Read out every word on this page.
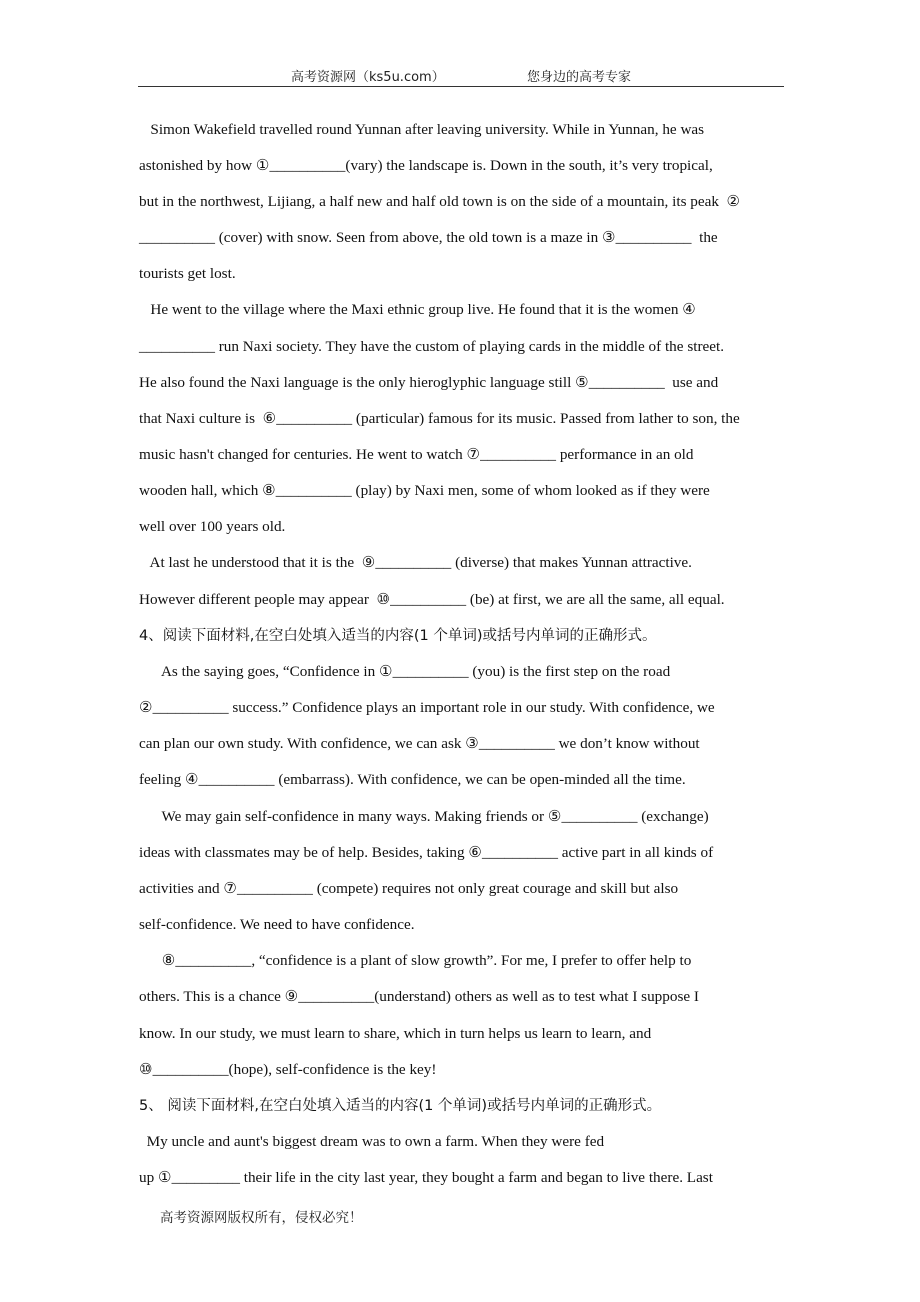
高考资源网（ks5u.com）	您身边的高考专家
Simon Wakefield travelled round Yunnan after leaving university. While in Yunnan, he was
astonished by how ①__________(vary) the landscape is. Down in the south, it’s very tropical,
but in the northwest, Lijiang, a half new and half old town is on the side of a mountain, its peak  ②
__________ (cover) with snow. Seen from above, the old town is a maze in ③__________  the
tourists get lost.
He went to the village where the Maxi ethnic group live. He found that it is the women ④
__________ run Naxi society. They have the custom of playing cards in the middle of the street.
He also found the Naxi language is the only hieroglyphic language still ⑤__________  use and
that Naxi culture is  ⑥__________ (particular) famous for its music. Passed from lather to son, the
music hasn't changed for centuries. He went to watch ⑦__________ performance in an old
wooden hall, which ⑧__________ (play) by Naxi men, some of whom looked as if they were
well over 100 years old.
At last he understood that it is the  ⑨__________ (diverse) that makes Yunnan attractive.
However different people may appear  ⑩__________ (be) at first, we are all the same, all equal.
4、阅读下面材料,在空白处填入适当的内容(1 个单词)或括号内单词的正确形式。
As the saying goes, “Confidence in ①__________ (you) is the first step on the road
②__________ success.” Confidence plays an important role in our study. With confidence, we
can plan our own study. With confidence, we can ask ③__________ we don’t know without
feeling ④__________ (embarrass). With confidence, we can be open-minded all the time.
We may gain self-confidence in many ways. Making friends or ⑤__________ (exchange)
ideas with classmates may be of help. Besides, taking ⑥__________ active part in all kinds of
activities and ⑦__________ (compete) requires not only great courage and skill but also
self-confidence. We need to have confidence.
⑧__________, “confidence is a plant of slow growth”. For me, I prefer to offer help to
others. This is a chance ⑨__________(understand) others as well as to test what I suppose I
know. In our study, we must learn to share, which in turn helps us learn to learn, and
⑩__________(hope), self-confidence is the key!
5、 阅读下面材料,在空白处填入适当的内容(1 个单词)或括号内单词的正确形式。
My uncle and aunt's biggest dream was to own a farm. When they were fed
up ①_________ their life in the city last year, they bought a farm and began to live there. Last
高考资源网版权所有，侵权必究！
